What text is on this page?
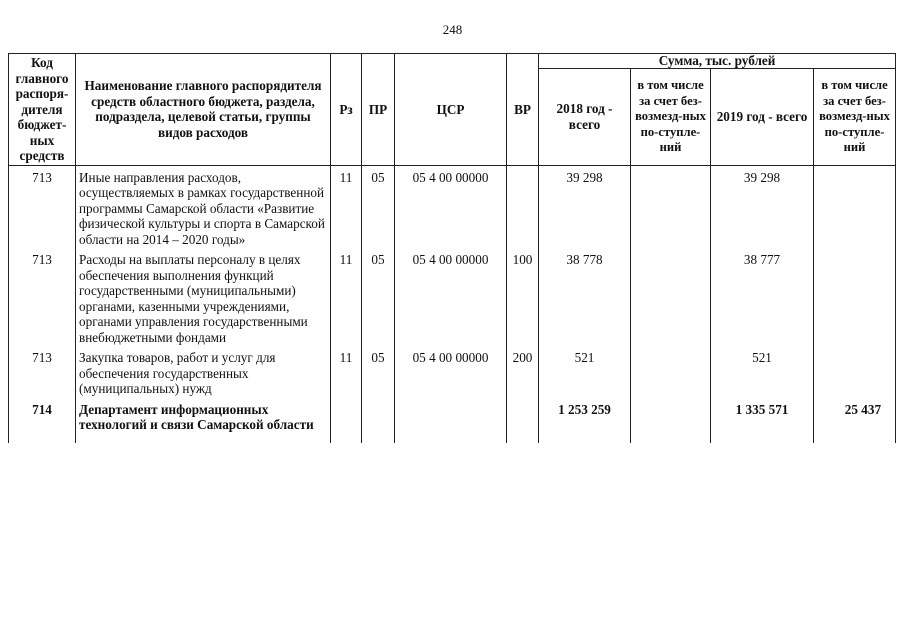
248
Код главного распоря-дителя бюджет-ных средств	Наименование главного распорядителя средств областного бюджета, раздела, подраздела, целевой статьи, группы видов расходов	Рз	ПР	ЦСР	ВР	Сумма, тыс. рублей			
						2018 год - всего	в том числе за счет без-возмезд-ных по-ступле-ний	2019 год - всего	в том числе за счет без-возмезд-ных по-ступле-ний
713	Иные направления расходов, осуществляемых в рамках государственной программы Самарской области «Развитие физической культуры и спорта в Самарской области на 2014 – 2020 годы»	11	05	05 4 00 00000		39 298		39 298	
713	Расходы на выплаты персоналу в целях обеспечения выполнения функций государственными (муниципальными) органами, казенными учреждениями, органами управления государственными внебюджетными фондами	11	05	05 4 00 00000	100	38 778		38 777	
713	Закупка товаров, работ и услуг для обеспечения государственных (муниципальных) нужд	11	05	05 4 00 00000	200	521		521	
714	Департамент информационных технологий и связи Самарской области					1 253 259		1 335 571	25 437
